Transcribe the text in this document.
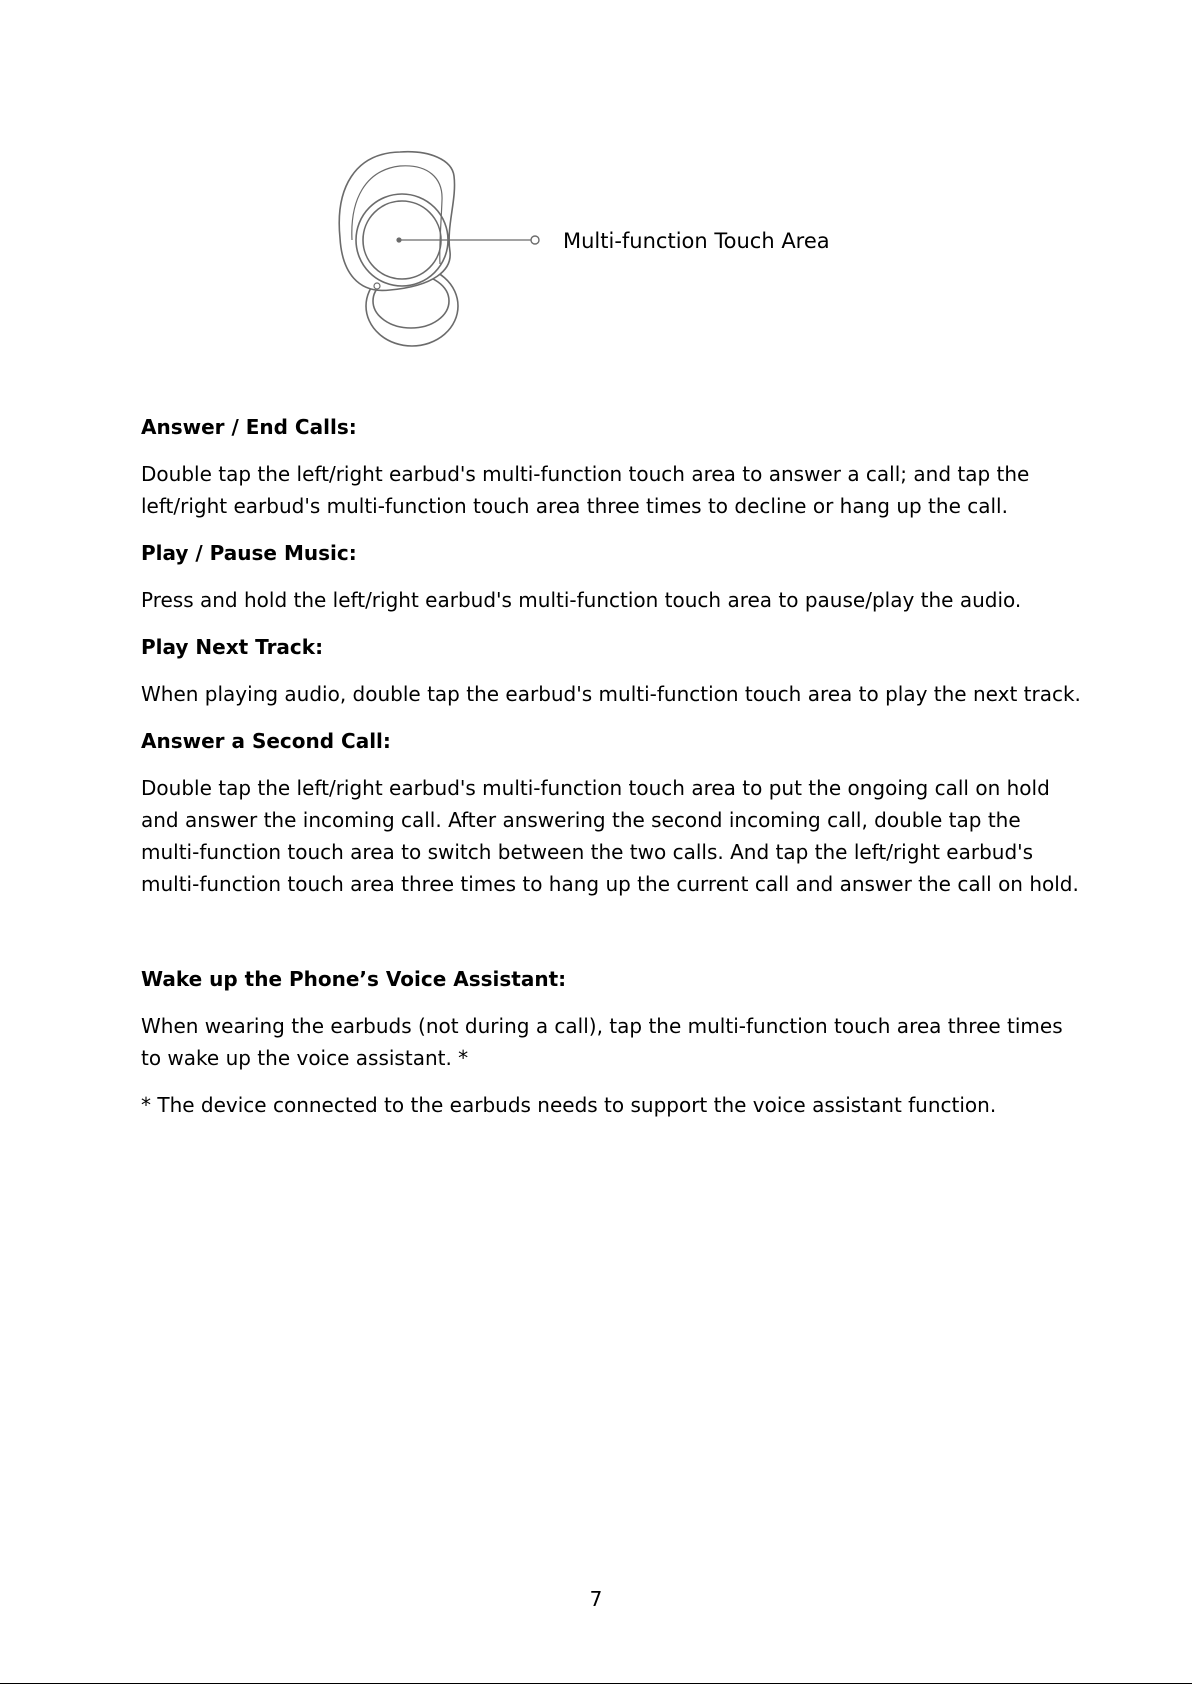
Multi-function Touch Area
Answer / End Calls:
Double tap the left/right earbud's multi-function touch area to answer a call; and tap the
left/right earbud's multi-function touch area three times to decline or hang up the call.
Play / Pause Music:
Press and hold the left/right earbud's multi-function touch area to pause/play the audio.
Play Next Track:
When playing audio, double tap the earbud's multi-function touch area to play the next track.
Answer a Second Call:
Double tap the left/right earbud's multi-function touch area to put the ongoing call on hold
and answer the incoming call. After answering the second incoming call, double tap the
multi-function touch area to switch between the two calls. And tap the left/right earbud's
multi-function touch area three times to hang up the current call and answer the call on hold.
Wake up the Phone’s Voice Assistant:
When wearing the earbuds (not during a call), tap the multi-function touch area three times
to wake up the voice assistant. *
* The device connected to the earbuds needs to support the voice assistant function.
7
